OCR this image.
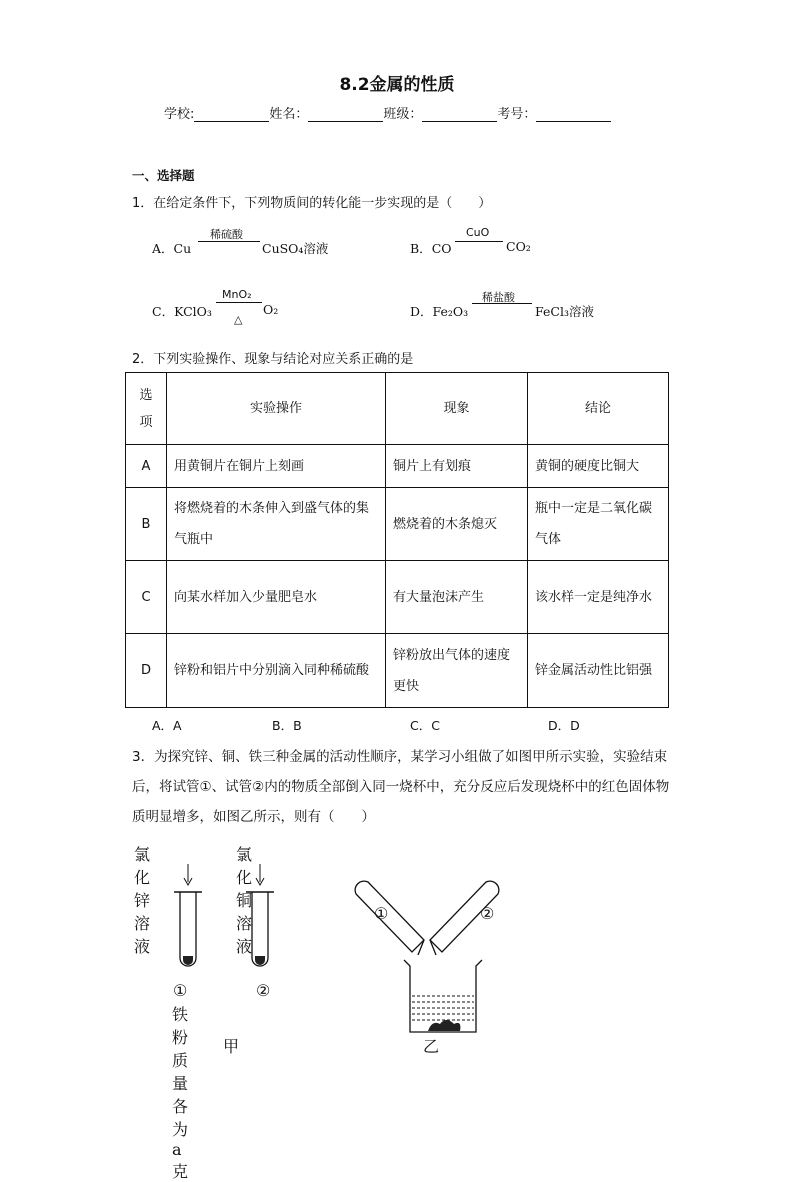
8.2金属的性质
学校:	姓名：	班级：	考号：
一、选择题
1．在给定条件下，下列物质间的转化能一步实现的是（　　）
A．Cu
稀硫酸
CuSO₄溶液	B．CO
CuO
CO₂
C．KClO₃
MnO₂
△
O₂	D．Fe₂O₃
稀盐酸
FeCl₃溶液
2．下列实验操作、现象与结论对应关系正确的是
选
项	实验操作	现象	结论
A	用黄铜片在铜片上刻画	铜片上有划痕	黄铜的硬度比铜大
B	将燃烧着的木条伸入到盛气体的集气瓶中	燃烧着的木条熄灭	瓶中一定是二氧化碳气体
C	向某水样加入少量肥皂水	有大量泡沫产生	该水样一定是纯净水
D	锌粉和铝片中分别滴入同种稀硫酸	锌粉放出气体的速度更快	锌金属活动性比铝强
A．A	B．B	C．C	D．D
3．为探究锌、铜、铁三种金属的活动性顺序，某学习小组做了如图甲所示实验，实验结束后，将试管①、试管②内的物质全部倒入同一烧杯中，充分反应后发现烧杯中的红色固体物质明显增多，如图乙所示，则有（　　）
氯化锌溶液
氯化铜溶液
①	②
铁粉质量各为a克
甲
①	②
乙
